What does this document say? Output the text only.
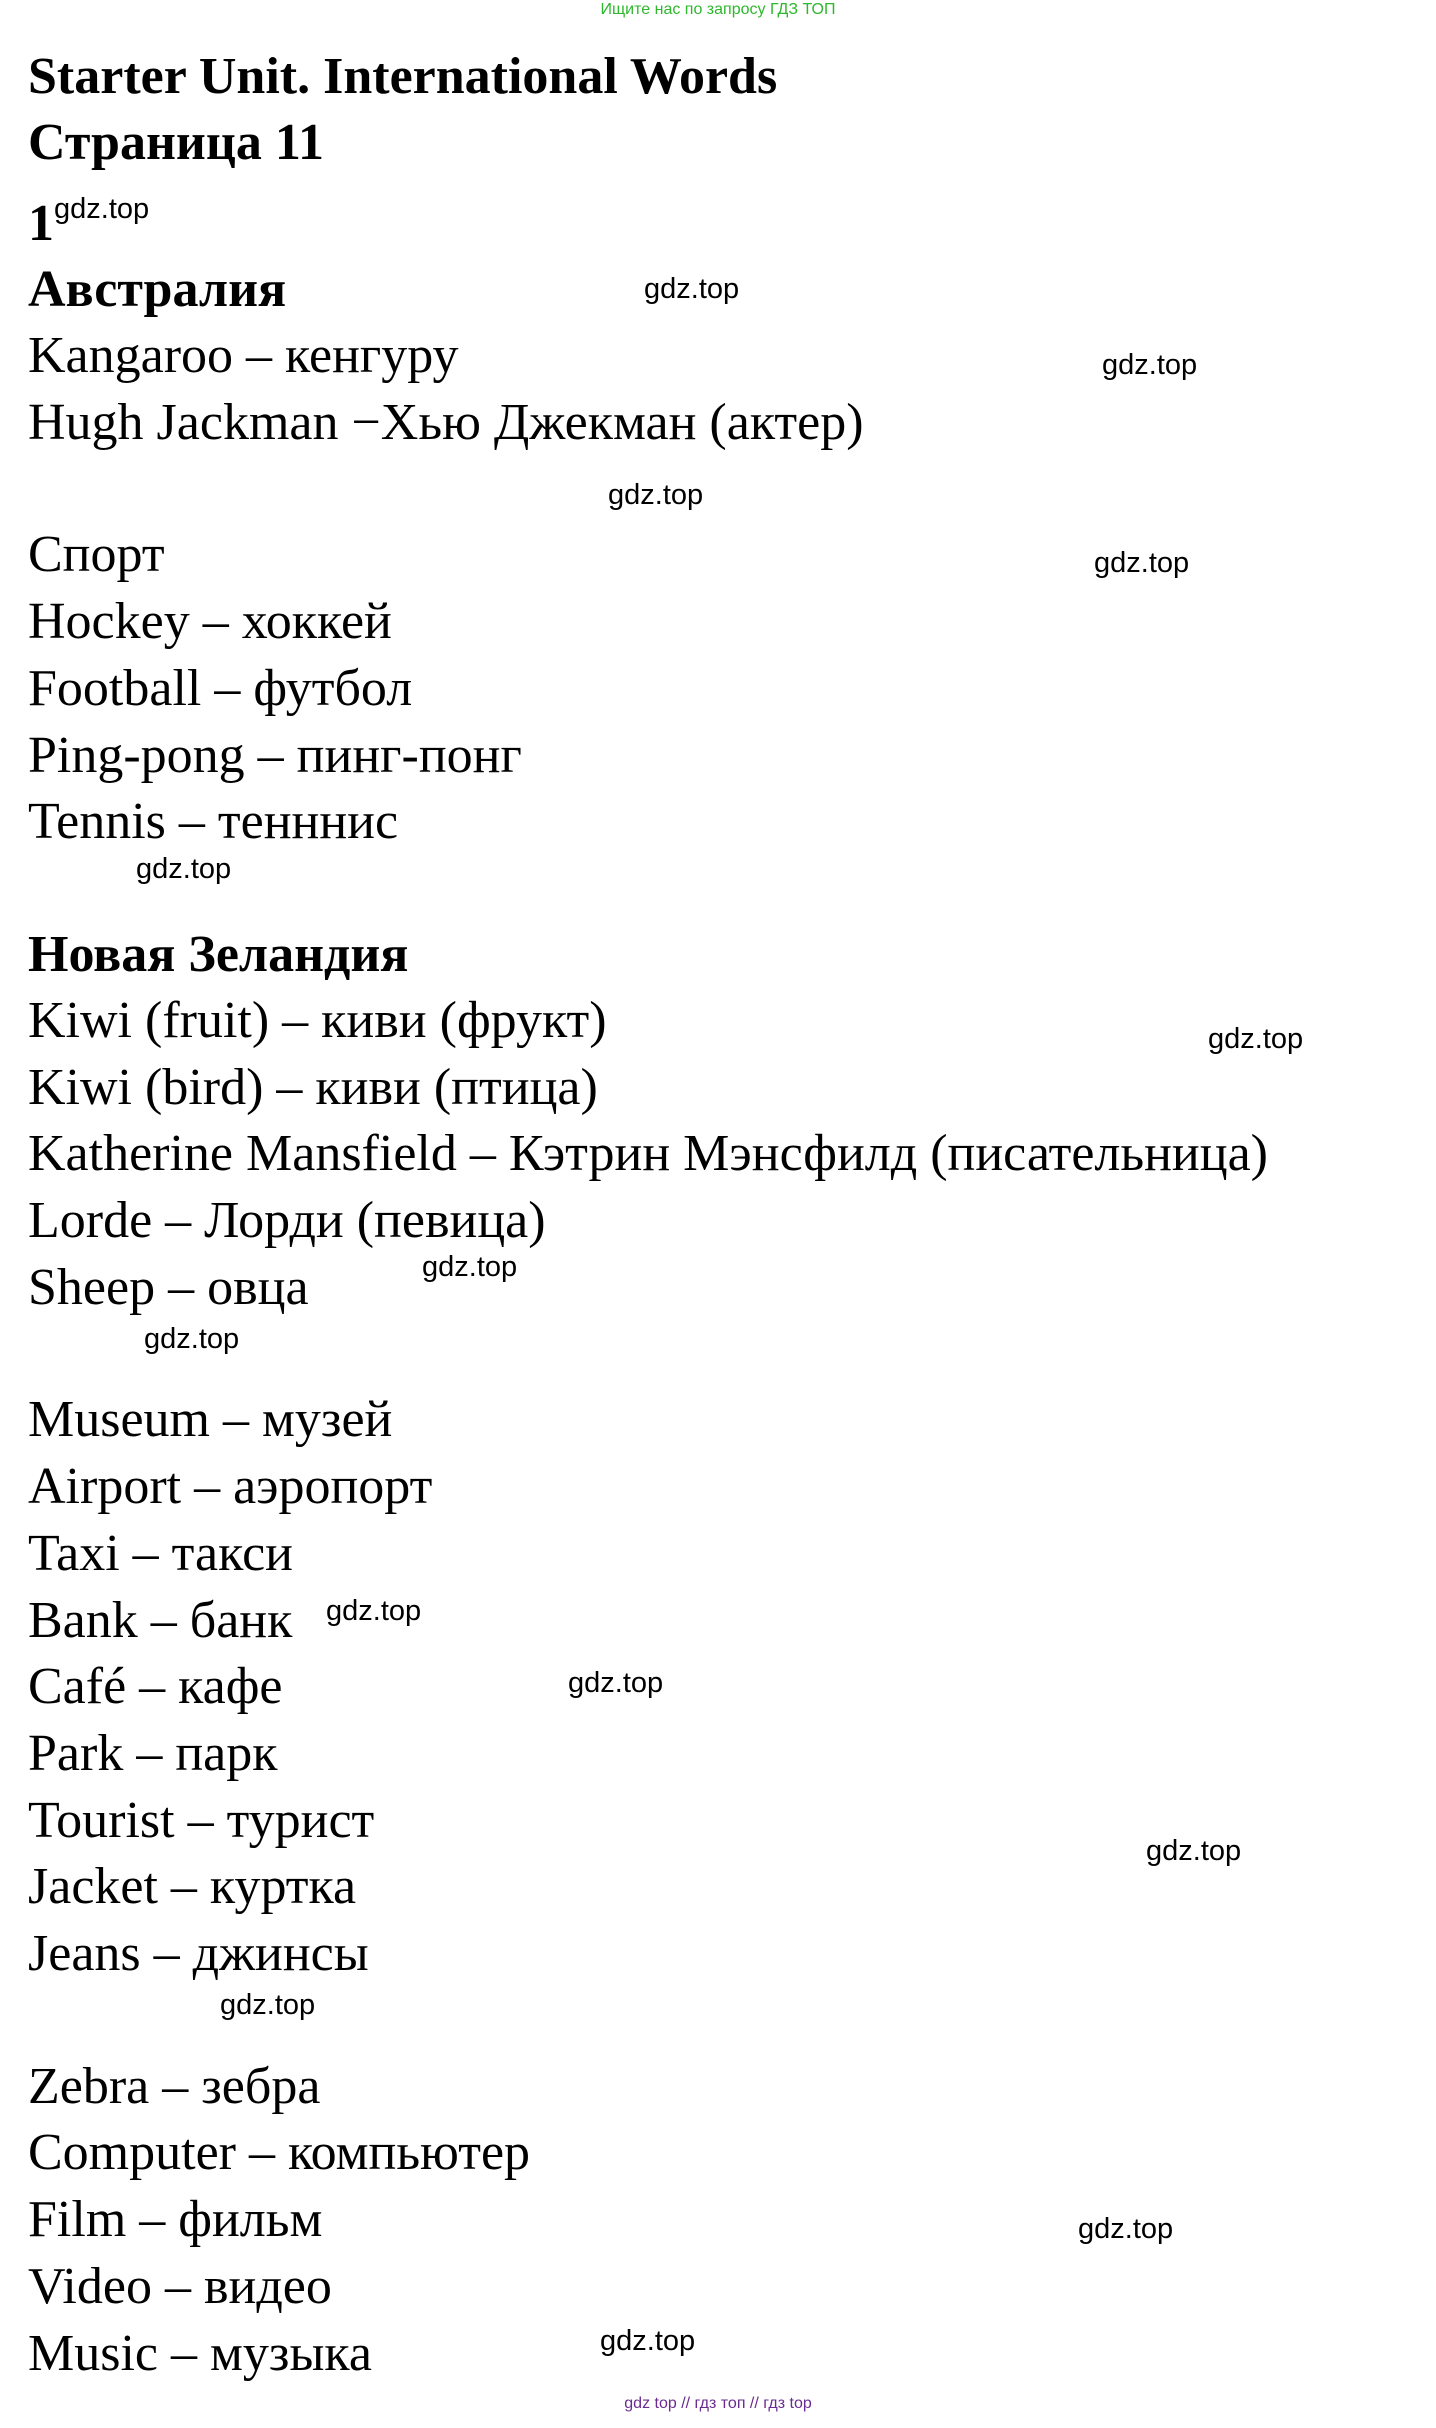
Ищите нас по запросу ГДЗ ТОП
Starter Unit. International Words
Страница 11
$1^{gdz.top}$
Австралия
Kangaroo – кенгуру
Hugh Jackman −Хью Джекман (актер)
Спорт
Hockey – хоккей
Football – футбол
Ping-pong – пинг-понг
Tennis – тенннис
Новая Зеландия
Kiwi (fruit) – киви (фрукт)
Kiwi (bird) – киви (птица)
Katherine Mansfield – Кэтрин Мэнсфилд (писательница)
Lorde – Лорди (певица)
Sheep – овца
Museum – музей
Airport – аэропорт
Taxi – такси
Bank – банк
Café – кафе
Park – парк
Tourist – турист
Jacket – куртка
Jeans – джинсы
Zebra – зебра
Computer – компьютер
Film – фильм
Video – видео
Music – музыка
gdz.top
gdz.top
gdz.top
gdz.top
gdz.top
gdz.top
gdz.top
gdz.top
gdz.top
gdz.top
gdz.top
gdz.top
gdz.top
gdz.top
gdz top // гдз топ // гдз top
